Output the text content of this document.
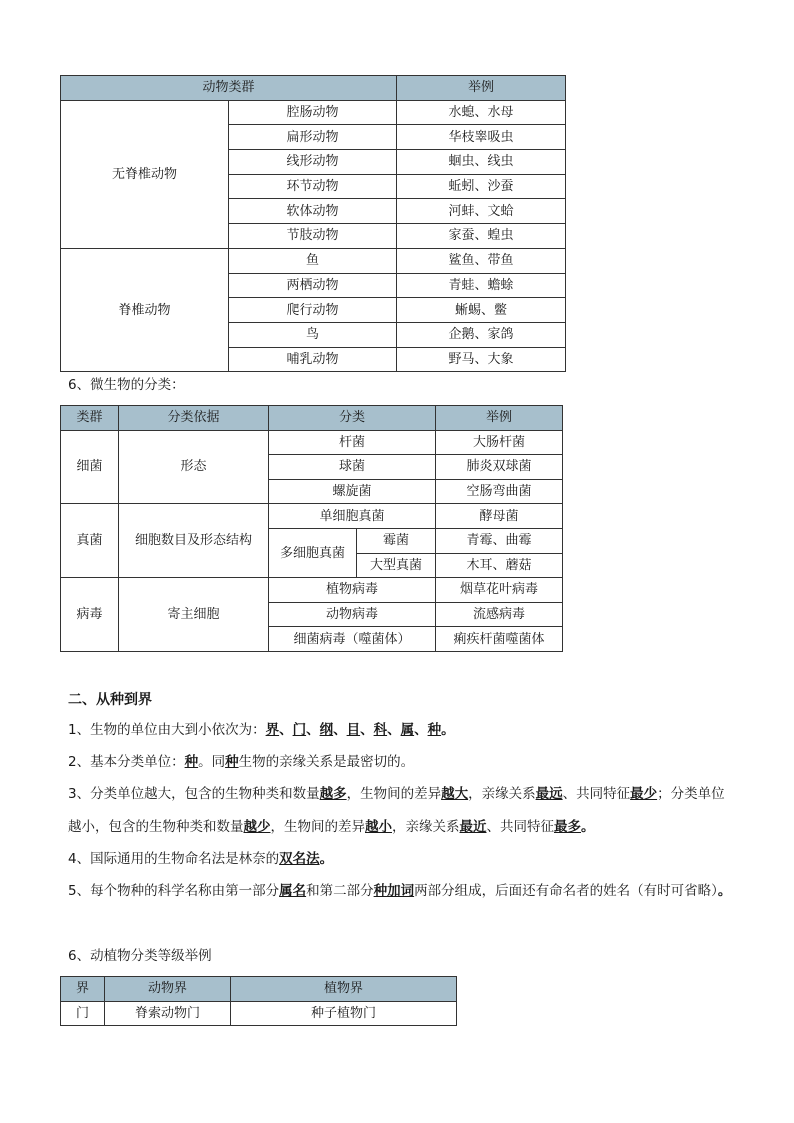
动物类群		举例
无脊椎动物	腔肠动物	水螅、水母
	扁形动物	华枝睾吸虫
	线形动物	蛔虫、线虫
	环节动物	蚯蚓、沙蚕
	软体动物	河蚌、文蛤
	节肢动物	家蚕、蝗虫
脊椎动物	鱼	鲨鱼、带鱼
	两栖动物	青蛙、蟾蜍
	爬行动物	蜥蜴、鳖
	鸟	企鹅、家鸽
	哺乳动物	野马、大象
6、微生物的分类：
类群	分类依据	分类		举例
细菌	形态	杆菌		大肠杆菌
		球菌		肺炎双球菌
		螺旋菌		空肠弯曲菌
真菌	细胞数目及形态结构	单细胞真菌		酵母菌
		多细胞真菌	霉菌	青霉、曲霉
			大型真菌	木耳、蘑菇
病毒	寄主细胞	植物病毒		烟草花叶病毒
		动物病毒		流感病毒
		细菌病毒（噬菌体）		痢疾杆菌噬菌体
二、从种到界
1、生物的单位由大到小依次为：界、门、纲、目、科、属、种。
2、基本分类单位：种。同种生物的亲缘关系是最密切的。
3、分类单位越大，包含的生物种类和数量越多，生物间的差异越大，亲缘关系最远、共同特征最少；分类单位越小，包含的生物种类和数量越少，生物间的差异越小，亲缘关系最近、共同特征最多。
4、国际通用的生物命名法是林奈的双名法。
5、每个物种的科学名称由第一部分属名和第二部分种加词两部分组成，后面还有命名者的姓名（有时可省略）。
6、动植物分类等级举例
界	动物界	植物界
门	脊索动物门	种子植物门
